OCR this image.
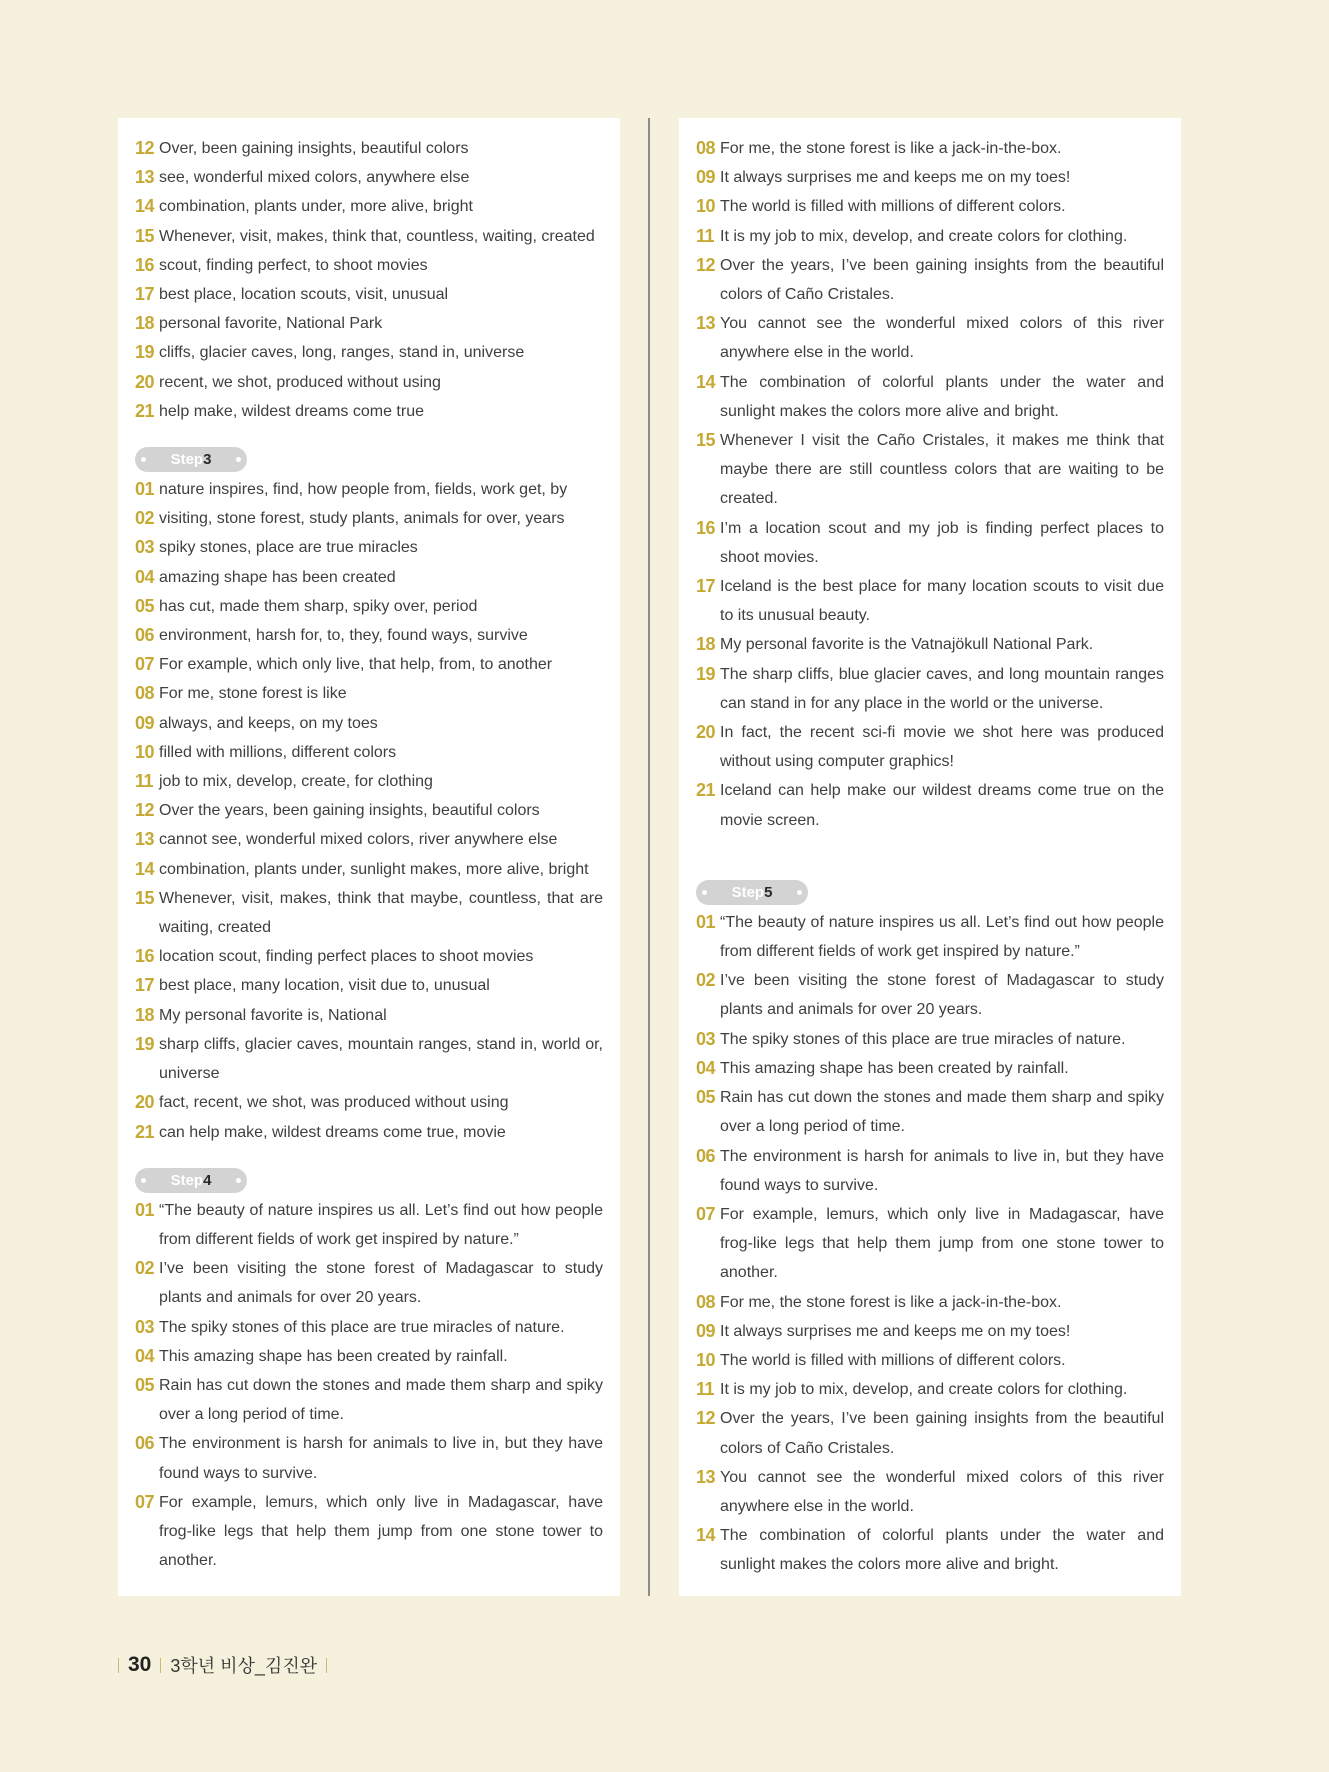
12 Over, been gaining insights, beautiful colors
13 see, wonderful mixed colors, anywhere else
14 combination, plants under, more alive, bright
15 Whenever, visit, makes, think that, countless, waiting, created
16 scout, finding perfect, to shoot movies
17 best place, location scouts, visit, unusual
18 personal favorite, National Park
19 cliffs, glacier caves, long, ranges, stand in, universe
20 recent, we shot, produced without using
21 help make, wildest dreams come true
Step 3
01 nature inspires, find, how people from, fields, work get, by
02 visiting, stone forest, study plants, animals for over, years
03 spiky stones, place are true miracles
04 amazing shape has been created
05 has cut, made them sharp, spiky over, period
06 environment, harsh for, to, they, found ways, survive
07 For example, which only live, that help, from, to another
08 For me, stone forest is like
09 always, and keeps, on my toes
10 filled with millions, different colors
11 job to mix, develop, create, for clothing
12 Over the years, been gaining insights, beautiful colors
13 cannot see, wonderful mixed colors, river anywhere else
14 combination, plants under, sunlight makes, more alive, bright
15 Whenever, visit, makes, think that maybe, countless, that are waiting, created
16 location scout, finding perfect places to shoot movies
17 best place, many location, visit due to, unusual
18 My personal favorite is, National
19 sharp cliffs, glacier caves, mountain ranges, stand in, world or, universe
20 fact, recent, we shot, was produced without using
21 can help make, wildest dreams come true, movie
Step 4
01 “The beauty of nature inspires us all. Let’s find out how people from different fields of work get inspired by nature.”
02 I’ve been visiting the stone forest of Madagascar to study plants and animals for over 20 years.
03 The spiky stones of this place are true miracles of nature.
04 This amazing shape has been created by rainfall.
05 Rain has cut down the stones and made them sharp and spiky over a long period of time.
06 The environment is harsh for animals to live in, but they have found ways to survive.
07 For example, lemurs, which only live in Madagascar, have frog-like legs that help them jump from one stone tower to another.
08 For me, the stone forest is like a jack-in-the-box.
09 It always surprises me and keeps me on my toes!
10 The world is filled with millions of different colors.
11 It is my job to mix, develop, and create colors for clothing.
12 Over the years, I’ve been gaining insights from the beautiful colors of Caño Cristales.
13 You cannot see the wonderful mixed colors of this river anywhere else in the world.
14 The combination of colorful plants under the water and sunlight makes the colors more alive and bright.
15 Whenever I visit the Caño Cristales, it makes me think that maybe there are still countless colors that are waiting to be created.
16 I’m a location scout and my job is finding perfect places to shoot movies.
17 Iceland is the best place for many location scouts to visit due to its unusual beauty.
18 My personal favorite is the Vatnajökull National Park.
19 The sharp cliffs, blue glacier caves, and long mountain ranges can stand in for any place in the world or the universe.
20 In fact, the recent sci-fi movie we shot here was produced without using computer graphics!
21 Iceland can help make our wildest dreams come true on the movie screen.
Step 5
01 “The beauty of nature inspires us all. Let’s find out how people from different fields of work get inspired by nature.”
02 I’ve been visiting the stone forest of Madagascar to study plants and animals for over 20 years.
03 The spiky stones of this place are true miracles of nature.
04 This amazing shape has been created by rainfall.
05 Rain has cut down the stones and made them sharp and spiky over a long period of time.
06 The environment is harsh for animals to live in, but they have found ways to survive.
07 For example, lemurs, which only live in Madagascar, have frog-like legs that help them jump from one stone tower to another.
08 For me, the stone forest is like a jack-in-the-box.
09 It always surprises me and keeps me on my toes!
10 The world is filled with millions of different colors.
11 It is my job to mix, develop, and create colors for clothing.
12 Over the years, I’ve been gaining insights from the beautiful colors of Caño Cristales.
13 You cannot see the wonderful mixed colors of this river anywhere else in the world.
14 The combination of colorful plants under the water and sunlight makes the colors more alive and bright.
30 3학년 비상_김진완
